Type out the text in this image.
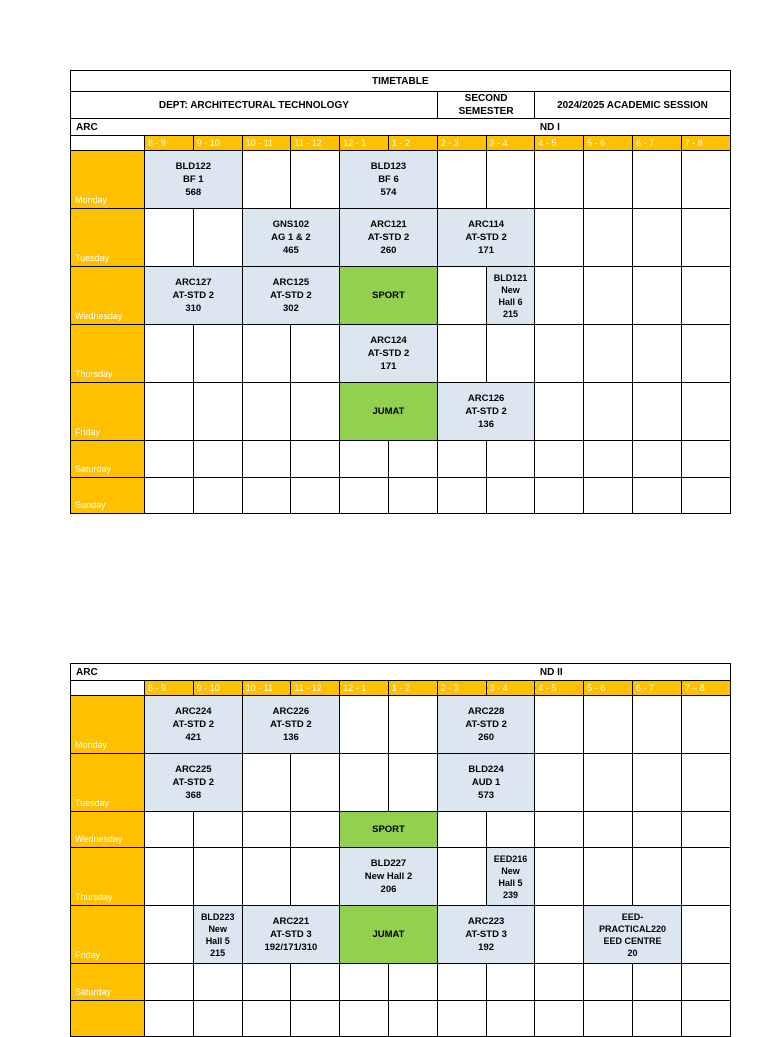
TIMETABLE												
DEPT: ARCHITECTURAL TECHNOLOGY							SECOND SEMESTER		2024/2025 ACADEMIC SESSION			
ARC									ND I			
	8 - 9	9 - 10	10 - 11	11 - 12	12 - 1	1 - 2	2 - 3	3 - 4	4 - 5	5 - 6	6 - 7	7 - 8
Monday	BLD122
BF 1
568				BLD123
BF 6
574							

Tuesday			GNS102
AG 1 & 2
465		ARC121
AT-STD 2
260		ARC114
AT-STD 2
171					

Wednesday	ARC127
AT-STD 2
310		ARC125
AT-STD 2
302		SPORT			BLD121
New
Hall 6
215				

Thursday					ARC124
AT-STD 2
171							

Friday					JUMAT		ARC126
AT-STD 2
136					

Saturday												
Sunday												
ARC									ND II			
	8 - 9	9 - 10	10 - 11	11 - 12	12 - 1	1 - 2	2 - 3	3 - 4	4 - 5	5 - 6	6 - 7	7 – 8
Monday	ARC224
AT-STD 2
421		ARC226
AT-STD 2
136				ARC228
AT-STD 2
260					

Tuesday	ARC225
AT-STD 2
368						BLD224
AUD 1
573					

Wednesday					SPORT							
Thursday					BLD227
New Hall 2
206			EED216
New
Hall 5
239				

Friday		BLD223
New
Hall 5
215	ARC221
AT-STD 3
192/171/310		JUMAT		ARC223
AT-STD 3
192			EED-
PRACTICAL220
EED CENTRE
20		

Saturday												
